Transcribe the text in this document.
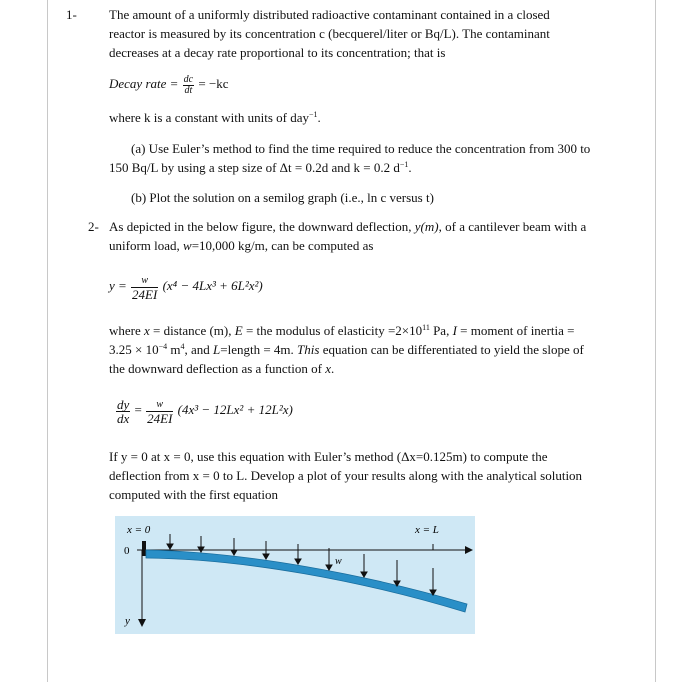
1- The amount of a uniformly distributed radioactive contaminant contained in a closed reactor is measured by its concentration c (becquerel/liter or Bq/L). The contaminant decreases at a decay rate proportional to its concentration; that is
Decay rate = $\frac{dc}{dt} = -kc$
where k is a constant with units of day$^{-1}$.
(a) Use Euler’s method to find the time required to reduce the concentration from 300 to 150 Bq/L by using a step size of Δt = 0.2d and k = 0.2 $d^{-1}$.
(b) Plot the solution on a semilog graph (i.e., ln c versus t)
2- As depicted in the below figure, the downward deflection, y(m), of a cantilever beam with a uniform load, w=10,000 kg/m, can be computed as
$y = \frac{w}{24EI} (x^4 - 4Lx^3 + 6L^2x^2)$
where x = distance (m), E = the modulus of elasticity $=2\times 10^{11}$ Pa, I = moment of inertia = $3.25 \times 10^{-4}$ $m^4$, and L=length = 4m. This equation can be differentiated to yield the slope of the downward deflection as a function of x.
$\frac{dy}{dx} = \frac{w}{24EI} (4x^3 - 12Lx^2 + 12L^2x)$
If y = 0 at x = 0, use this equation with Euler’s method (Δx=0.125m) to compute the deflection from x = 0 to L. Develop a plot of your results along with the analytical solution computed with the first equation
x = 0	x = L
0
y
w
